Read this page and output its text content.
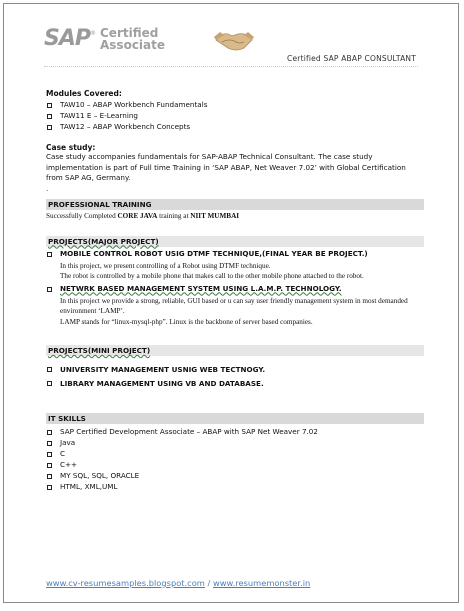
SAP ® Certified
Associate
Certified SAP ABAP CONSULTANT

Modules Covered:

TAW10 – ABAP Workbench Fundamentals
TAW11 E – E-Learning
TAW12 – ABAP Workbench Concepts

Case study:

Case study accompanies fundamentals for SAP-ABAP Technical Consultant. The case study implementation is part of Full time Training in ‘SAP ABAP, Net Weaver 7.02’ with Global Certification from SAP AG, Germany.

.

PROFESSIONAL TRAINING

Successfully Completed CORE JAVA training at NIIT MUMBAI

PROJECTS(MAJOR PROJECT)
MOBILE CONTROL ROBOT USIG DTMF TECHNIQUE,(FINAL YEAR BE PROJECT.)
In this project, we present controlling of a Robot using DTMF technique.
The robot is controlled by a mobile phone that makes call to the other mobile phone attached to the robot.
NETWRK BASED MANAGEMENT SYSTEM USING L.A.M.P. TECHNOLOGY.
In this project we provide a strong, reliable, GUI based or u can say user friendly management system in most demanded environment ‘LAMP’.
LAMP stands for “linux-mysql-php”. Linux is the backbone of server based companies.
PROJECTS(MINI PROJECT)
UNIVERSITY MANAGEMENT USNIG WEB TECTNOGY.
LIBRARY MANAGEMENT USING VB AND DATABASE.
IT SKILLS
SAP Certified Development Associate – ABAP with SAP Net Weaver 7.02
Java
C
C++
MY SQL, SQL, ORACLE
HTML, XML,UML
www.cv-resumesamples.blogspot.com / www.resumemonster.in
